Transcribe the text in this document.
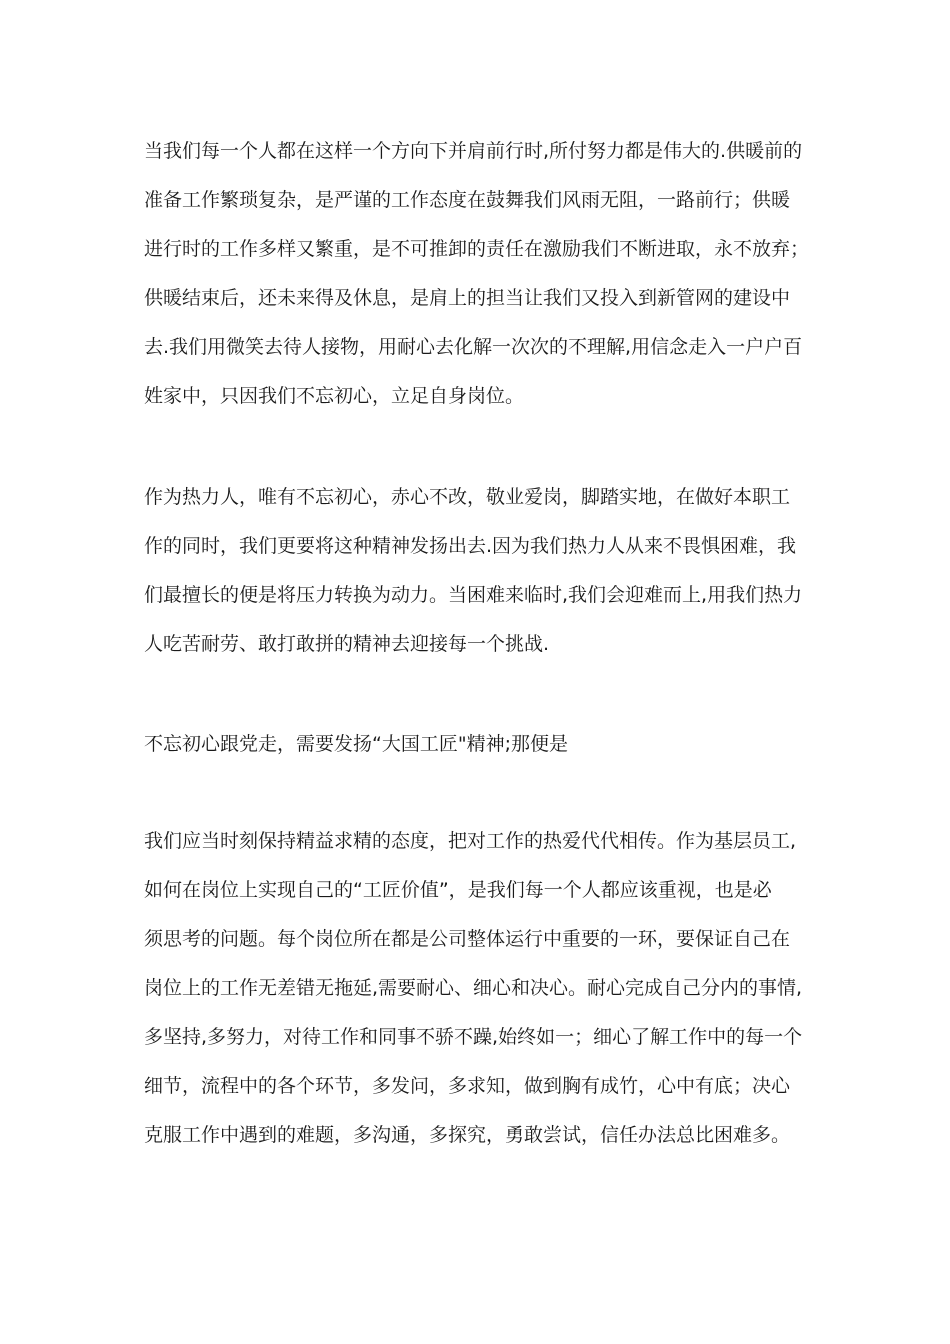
当我们每一个人都在这样一个方向下并肩前行时,所付努力都是伟大的.供暖前的
准备工作繁琐复杂，是严谨的工作态度在鼓舞我们风雨无阻，一路前行；供暖
进行时的工作多样又繁重，是不可推卸的责任在激励我们不断进取，永不放弃；
供暖结束后，还未来得及休息，是肩上的担当让我们又投入到新管网的建设中
去.我们用微笑去待人接物，用耐心去化解一次次的不理解,用信念走入一户户百
姓家中，只因我们不忘初心，立足自身岗位。

作为热力人，唯有不忘初心，赤心不改，敬业爱岗，脚踏实地，在做好本职工
作的同时，我们更要将这种精神发扬出去.因为我们热力人从来不畏惧困难，我
们最擅长的便是将压力转换为动力。当困难来临时,我们会迎难而上,用我们热力
人吃苦耐劳、敢打敢拼的精神去迎接每一个挑战.

不忘初心跟党走，需要发扬“大国工匠"精神;那便是

我们应当时刻保持精益求精的态度，把对工作的热爱代代相传。作为基层员工,
如何在岗位上实现自己的“工匠价值”，是我们每一个人都应该重视，也是必
须思考的问题。每个岗位所在都是公司整体运行中重要的一环，要保证自己在
岗位上的工作无差错无拖延,需要耐心、细心和决心。耐心完成自己分内的事情,
多坚持,多努力，对待工作和同事不骄不躁,始终如一；细心了解工作中的每一个
细节，流程中的各个环节，多发问，多求知，做到胸有成竹，心中有底；决心
克服工作中遇到的难题，多沟通，多探究，勇敢尝试，信任办法总比困难多。
